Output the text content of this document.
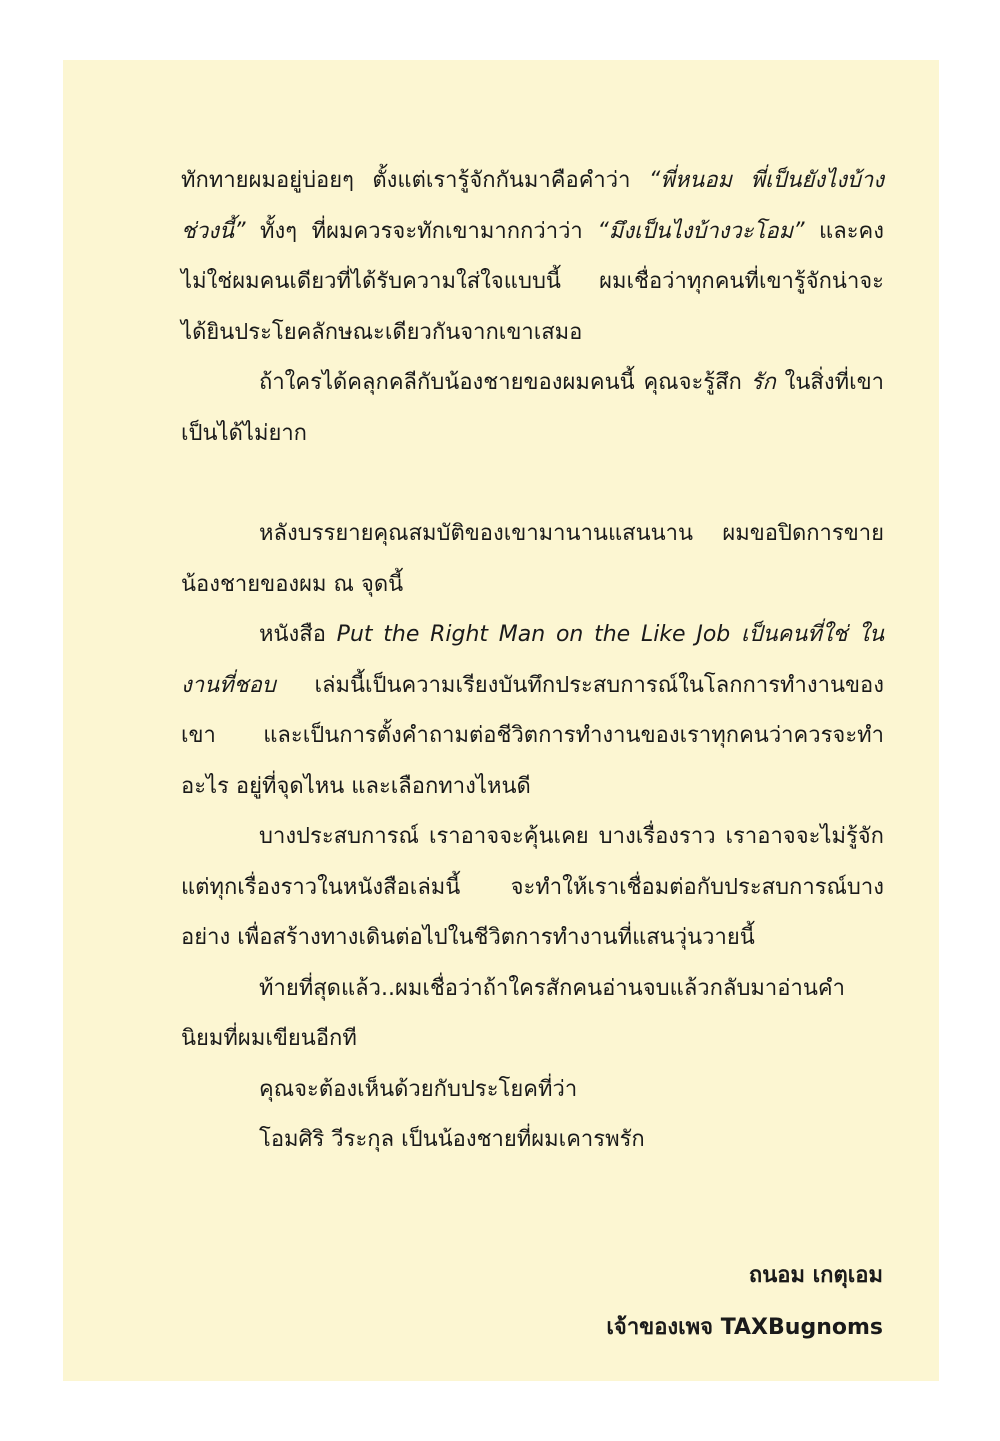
ทักทายผมอยู่บ่อยๆ ตั้งแต่เรารู้จักกันมาคือคำว่า “พี่หนอม พี่เป็นยังไงบ้างช่วงนี้” ทั้งๆ ที่ผมควรจะทักเขามากกว่าว่า “มึงเป็นไงบ้างวะโอม” และคงไม่ใช่ผมคนเดียวที่ได้รับความใส่ใจแบบนี้ ผมเชื่อว่าทุกคนที่เขารู้จักน่าจะได้ยินประโยคลักษณะเดียวกันจากเขาเสมอ

ถ้าใครได้คลุกคลีกับน้องชายของผมคนนี้ คุณจะรู้สึก รัก ในสิ่งที่เขาเป็นได้ไม่ยาก

หลังบรรยายคุณสมบัติของเขามานานแสนนาน ผมขอปิดการขายน้องชายของผม ณ จุดนี้

หนังสือ Put the Right Man on the Like Job เป็นคนที่ใช่ ในงานที่ชอบ เล่มนี้เป็นความเรียงบันทึกประสบการณ์ในโลกการทำงานของเขา และเป็นการตั้งคำถามต่อชีวิตการทำงานของเราทุกคนว่าควรจะทำอะไร อยู่ที่จุดไหน และเลือกทางไหนดี

บางประสบการณ์ เราอาจจะคุ้นเคย บางเรื่องราว เราอาจจะไม่รู้จัก แต่ทุกเรื่องราวในหนังสือเล่มนี้ จะทำให้เราเชื่อมต่อกับประสบการณ์บางอย่าง เพื่อสร้างทางเดินต่อไปในชีวิตการทำงานที่แสนวุ่นวายนี้

ท้ายที่สุดแล้ว..ผมเชื่อว่าถ้าใครสักคนอ่านจบแล้วกลับมาอ่านคำนิยมที่ผมเขียนอีกที

คุณจะต้องเห็นด้วยกับประโยคที่ว่า

โอมศิริ วีระกุล เป็นน้องชายที่ผมเคารพรัก

ถนอม เกตุเอม
เจ้าของเพจ TAXBugnoms
